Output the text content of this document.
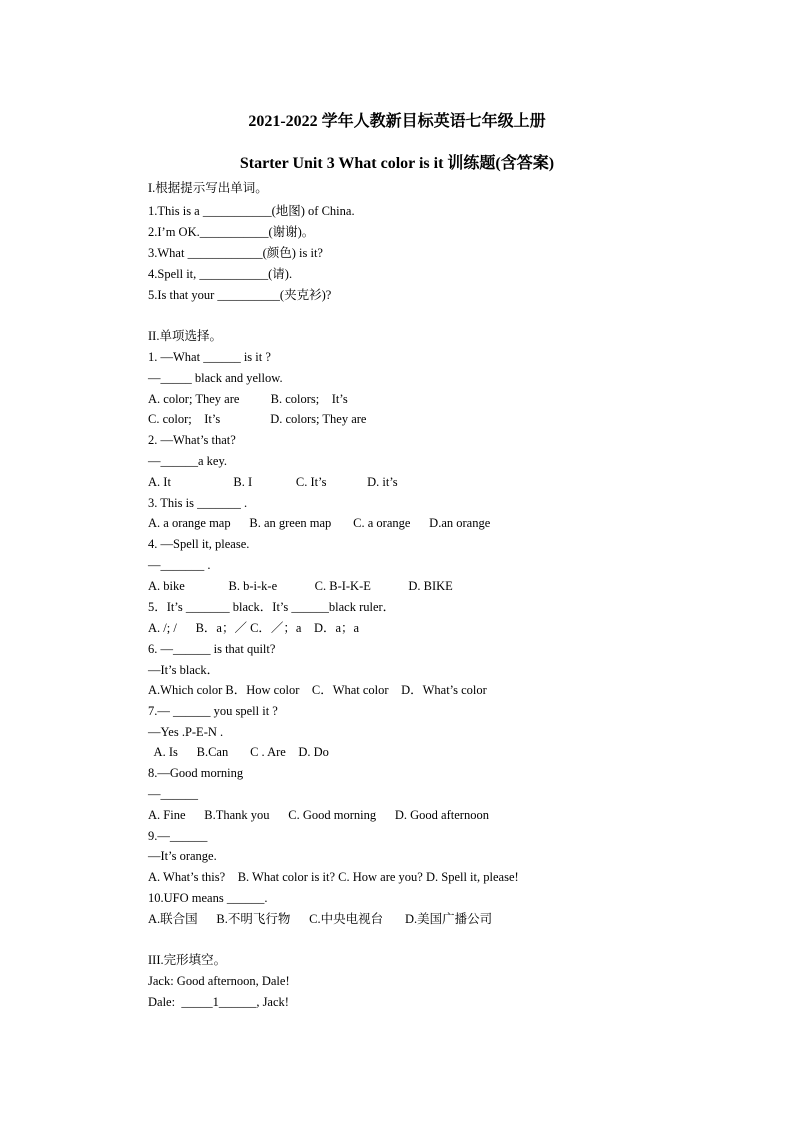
2021-2022 学年人教新目标英语七年级上册
Starter Unit 3 What color is it 训练题(含答案)
I.根据提示写出单词。
1.This is a ___________(地图) of China.
2.I’m OK.___________(谢谢)。
3.What ____________(颜色) is it?
4.Spell it, ___________(请).
5.Is that your __________(夹克衫)?
II.单项选择。
1. —What ______ is it ?
—_____ black and yellow.
A. color; They are          B. colors;    It’s
C. color;    It’s                D. colors; They are
2. —What’s that?
—______a key.
A. It                    B. I              C. It’s             D. it’s
3. This is _______ .
A. a orange map      B. an green map       C. a orange      D.an orange
4. —Spell it, please.
—_______ .
A. bike              B. b-i-k-e            C. B-I-K-E            D. BIKE
5．It’s _______ black．It’s ______black ruler．
A. /; /      B．a；／ C．／；a    D．a；a
6. —______ is that quilt?
—It’s black．
A.Which color B．How color    C．What color    D．What’s color
7.— ______ you spell it ?
—Yes .P-E-N .
A. Is      B.Can       C . Are    D. Do
8.—Good morning
—______
A. Fine      B.Thank you      C. Good morning      D. Good afternoon
9.—______
—It’s orange.
A. What’s this?    B. What color is it? C. How are you? D. Spell it, please!
10.UFO means ______.
A.联合国      B.不明飞行物      C.中央电视台       D.美国广播公司
III.完形填空。
Jack: Good afternoon, Dale!
Dale:  _____1______, Jack!
